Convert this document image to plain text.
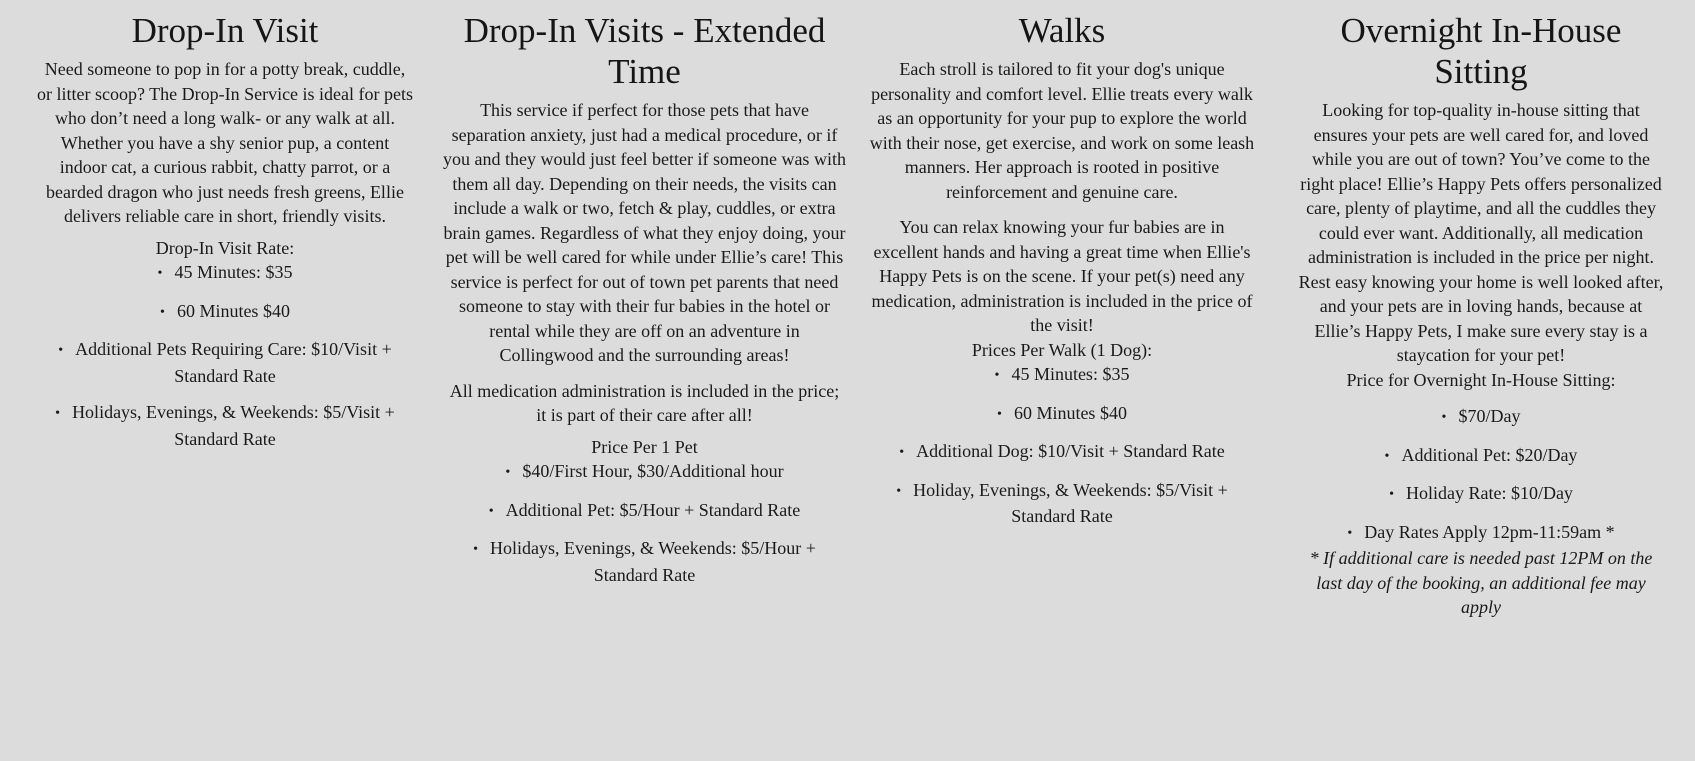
Drop-In Visit

Need someone to pop in for a potty break, cuddle, or litter scoop? The Drop-In Service is ideal for pets who don’t need a long walk- or any walk at all. Whether you have a shy senior pup, a content indoor cat, a curious rabbit, chatty parrot, or a bearded dragon who just needs fresh greens, Ellie delivers reliable care in short, friendly visits.

Drop-In Visit Rate:

• 45 Minutes: $35
• 60 Minutes $40
• Additional Pets Requiring Care: $10/Visit + Standard Rate
• Holidays, Evenings, & Weekends: $5/Visit + Standard Rate
Drop-In Visits - Extended Time

This service if perfect for those pets that have separation anxiety, just had a medical procedure, or if you and they would just feel better if someone was with them all day. Depending on their needs, the visits can include a walk or two, fetch & play, cuddles, or extra brain games. Regardless of what they enjoy doing, your pet will be well cared for while under Ellie’s care! This service is perfect for out of town pet parents that need someone to stay with their fur babies in the hotel or rental while they are off on an adventure in Collingwood and the surrounding areas!

All medication administration is included in the price; it is part of their care after all!

Price Per 1 Pet

• $40/First Hour, $30/Additional hour
• Additional Pet: $5/Hour + Standard Rate
• Holidays, Evenings, & Weekends: $5/Hour + Standard Rate
Walks

Each stroll is tailored to fit your dog's unique personality and comfort level. Ellie treats every walk as an opportunity for your pup to explore the world with their nose, get exercise, and work on some leash manners. Her approach is rooted in positive reinforcement and genuine care.

You can relax knowing your fur babies are in excellent hands and having a great time when Ellie's Happy Pets is on the scene. If your pet(s) need any medication, administration is included in the price of the visit!

Prices Per Walk (1 Dog):

• 45 Minutes: $35
• 60 Minutes $40
• Additional Dog: $10/Visit + Standard Rate
• Holiday, Evenings, & Weekends: $5/Visit + Standard Rate
Overnight In-House Sitting

Looking for top-quality in-house sitting that ensures your pets are well cared for, and loved while you are out of town? You’ve come to the right place! Ellie’s Happy Pets offers personalized care, plenty of playtime, and all the cuddles they could ever want. Additionally, all medication administration is included in the price per night. Rest easy knowing your home is well looked after, and your pets are in loving hands, because at Ellie’s Happy Pets, I make sure every stay is a staycation for your pet!

Price for Overnight In-House Sitting:

• $70/Day
• Additional Pet: $20/Day
• Holiday Rate: $10/Day
• Day Rates Apply 12pm-11:59am *

* If additional care is needed past 12PM on the last day of the booking, an additional fee may apply
